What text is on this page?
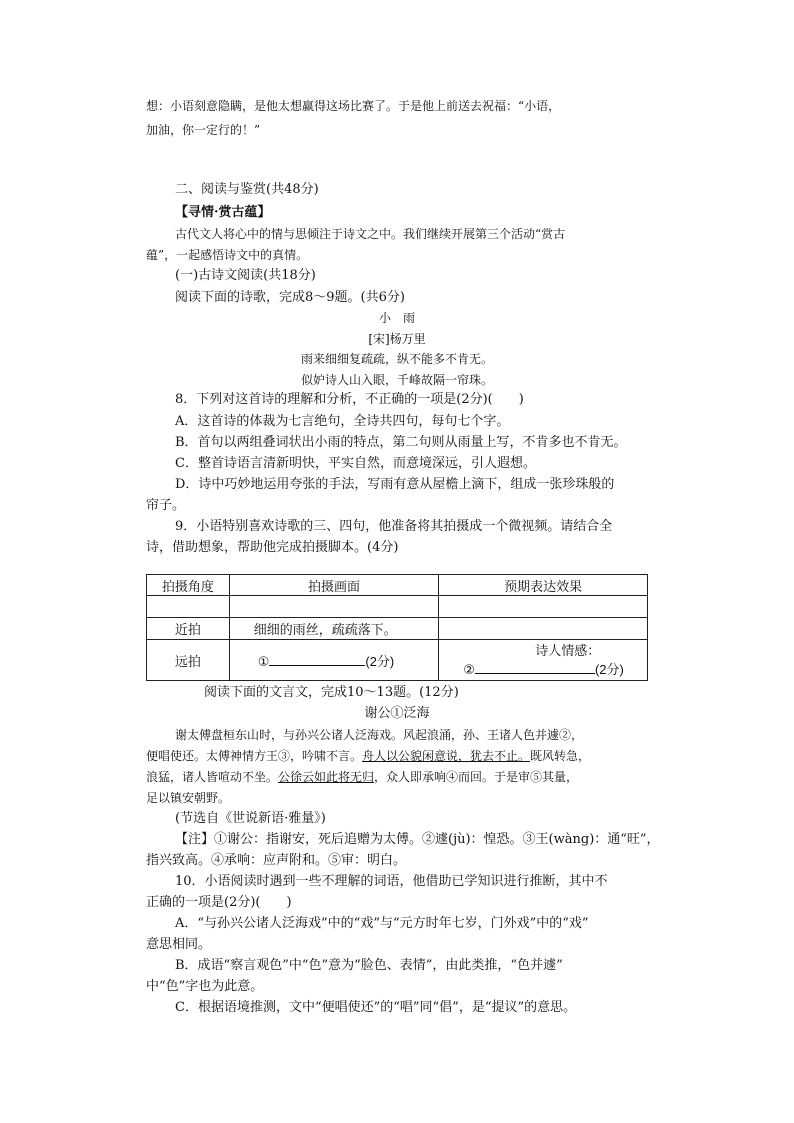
想：小语刻意隐瞒，是他太想赢得这场比赛了。于是他上前送去祝福：“小语，
加油，你一定行的！”
二、阅读与鉴赏(共48分)
【寻情·赏古蕴】
古代文人将心中的情与思倾注于诗文之中。我们继续开展第三个活动“赏古
蕴”，一起感悟诗文中的真情。
(一)古诗文阅读(共18分)
阅读下面的诗歌，完成8～9题。(共6分)
小　雨
[宋]杨万里
雨来细细复疏疏，纵不能多不肯无。
似妒诗人山入眼，千峰故隔一帘珠。
8．下列对这首诗的理解和分析，不正确的一项是(2分)(　　)
A．这首诗的体裁为七言绝句，全诗共四句，每句七个字。
B．首句以两组叠词状出小雨的特点，第二句则从雨量上写，不肯多也不肯无。
C．整首诗语言清新明快，平实自然，而意境深远，引人遐想。
D．诗中巧妙地运用夸张的手法，写雨有意从屋檐上滴下，组成一张珍珠般的
帘子。
9．小语特别喜欢诗歌的三、四句，他准备将其拍摄成一个微视频。请结合全
诗，借助想象，帮助他完成拍摄脚本。(4分)
拍摄角度	拍摄画面	预期表达效果

近拍	细细的雨丝，疏疏落下。	
远拍	① (2分)	诗人情感：
② (2分)
阅读下面的文言文，完成10～13题。(12分)
谢公①泛海
谢太傅盘桓东山时，与孙兴公诸人泛海戏。风起浪涌，孙、王诸人色并遽②，
便唱使还。太傅神情方王③，吟啸不言。舟人以公貌闲意说，犹去不止。既风转急，
浪猛，诸人皆喧动不坐。公徐云如此将无归，众人即承响④而回。于是审⑤其量，
足以镇安朝野。
(节选自《世说新语·雅量》)
【注】①谢公：指谢安，死后追赠为太傅。②遽(jù)：惶恐。③王(wàng)：通“旺”，
指兴致高。④承响：应声附和。⑤审：明白。
10．小语阅读时遇到一些不理解的词语，他借助已学知识进行推断，其中不
正确的一项是(2分)(　　)
A．“与孙兴公诸人泛海戏”中的“戏”与“元方时年七岁，门外戏”中的“戏”
意思相同。
B．成语“察言观色”中“色”意为“脸色、表情”，由此类推，“色并遽”
中“色”字也为此意。
C．根据语境推测，文中“便唱使还”的“唱”同“倡”，是“提议”的意思。
